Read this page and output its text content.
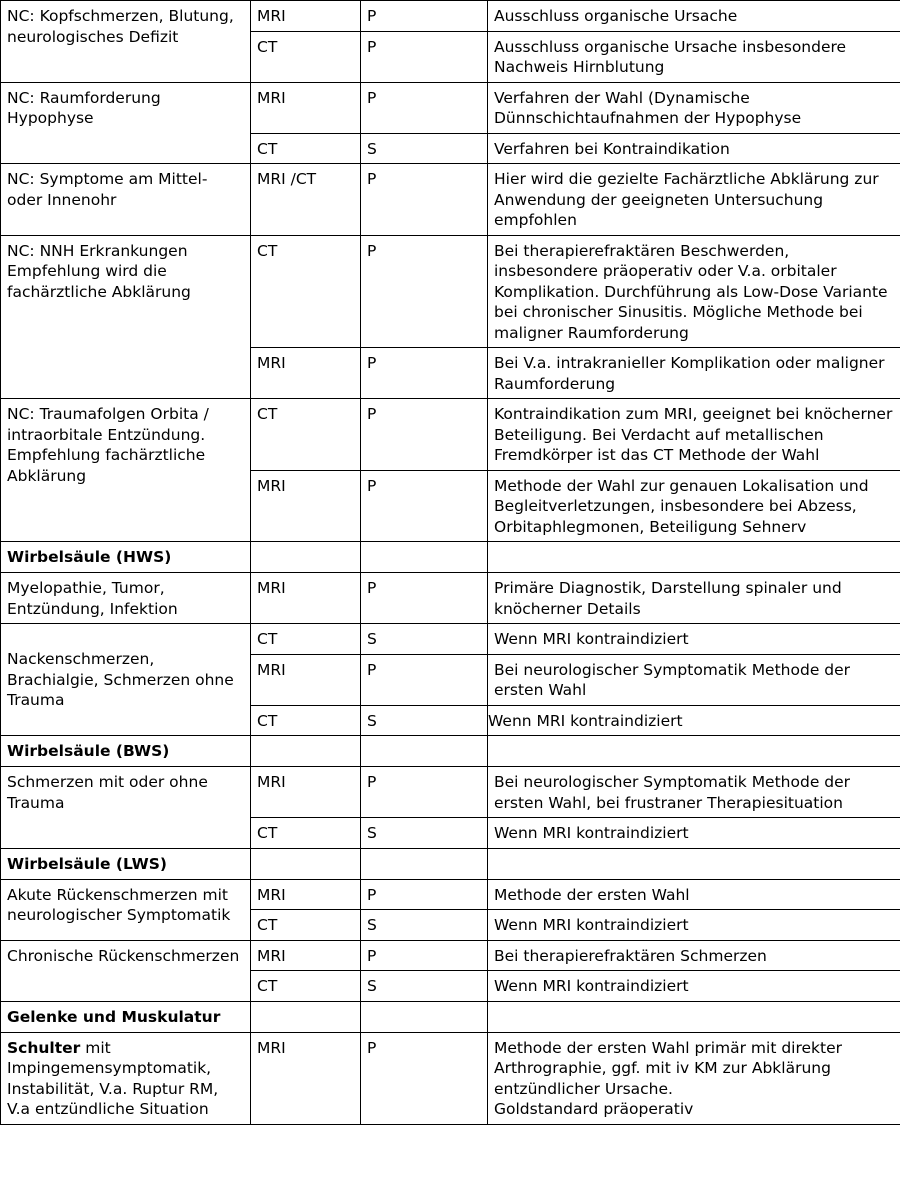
NC: Kopfschmerzen, Blutung, neurologisches Defizit	MRI	P	Ausschluss organische Ursache
	CT	P	Ausschluss organische Ursache insbesondere Nachweis Hirnblutung
NC: Raumforderung Hypophyse	MRI	P	Verfahren der Wahl (Dynamische Dünnschichtaufnahmen der Hypophyse
	CT	S	Verfahren bei Kontraindikation
NC: Symptome am Mittel- oder Innenohr	MRI /CT	P	Hier wird die gezielte Fachärztliche Abklärung zur Anwendung der geeigneten Untersuchung empfohlen
NC: NNH Erkrankungen Empfehlung wird die fachärztliche Abklärung	CT	P	Bei therapierefraktären Beschwerden, insbesondere präoperativ oder V.a. orbitaler Komplikation. Durchführung als Low-Dose Variante bei chronischer Sinusitis. Mögliche Methode bei maligner Raumforderung
	MRI	P	Bei V.a. intrakranieller Komplikation oder maligner Raumforderung
NC: Traumafolgen Orbita / intraorbitale Entzündung. Empfehlung fachärztliche Abklärung	CT	P	Kontraindikation zum MRI, geeignet bei knöcherner Beteiligung. Bei Verdacht auf metallischen Fremdkörper ist das CT Methode der Wahl
	MRI	P	Methode der Wahl zur genauen Lokalisation und Begleitverletzungen, insbesondere bei Abzess, Orbitaphlegmonen, Beteiligung Sehnerv
Wirbelsäule (HWS)			
Myelopathie, Tumor, Entzündung, Infektion	MRI	P	Primäre Diagnostik, Darstellung spinaler und knöcherner Details
Nackenschmerzen, Brachialgie, Schmerzen ohne Trauma	CT	S	Wenn MRI kontraindiziert
	MRI	P	Bei neurologischer Symptomatik Methode der ersten Wahl
	CT	S	Wenn MRI kontraindiziert
Wirbelsäule (BWS)			
Schmerzen mit oder ohne Trauma	MRI	P	Bei neurologischer Symptomatik Methode der ersten Wahl, bei frustraner Therapiesituation
	CT	S	Wenn MRI kontraindiziert
Wirbelsäule (LWS)			
Akute Rückenschmerzen mit neurologischer Symptomatik	MRI	P	Methode der ersten Wahl
	CT	S	Wenn MRI kontraindiziert
Chronische Rückenschmerzen	MRI	P	Bei therapierefraktären Schmerzen
	CT	S	Wenn MRI kontraindiziert
Gelenke und Muskulatur			
Schulter mit Impingemensymptomatik, Instabilität, V.a. Ruptur RM, V.a entzündliche Situation	MRI	P	Methode der ersten Wahl primär mit direkter Arthrographie, ggf. mit iv KM zur Abklärung entzündlicher Ursache.
Goldstandard präoperativ
